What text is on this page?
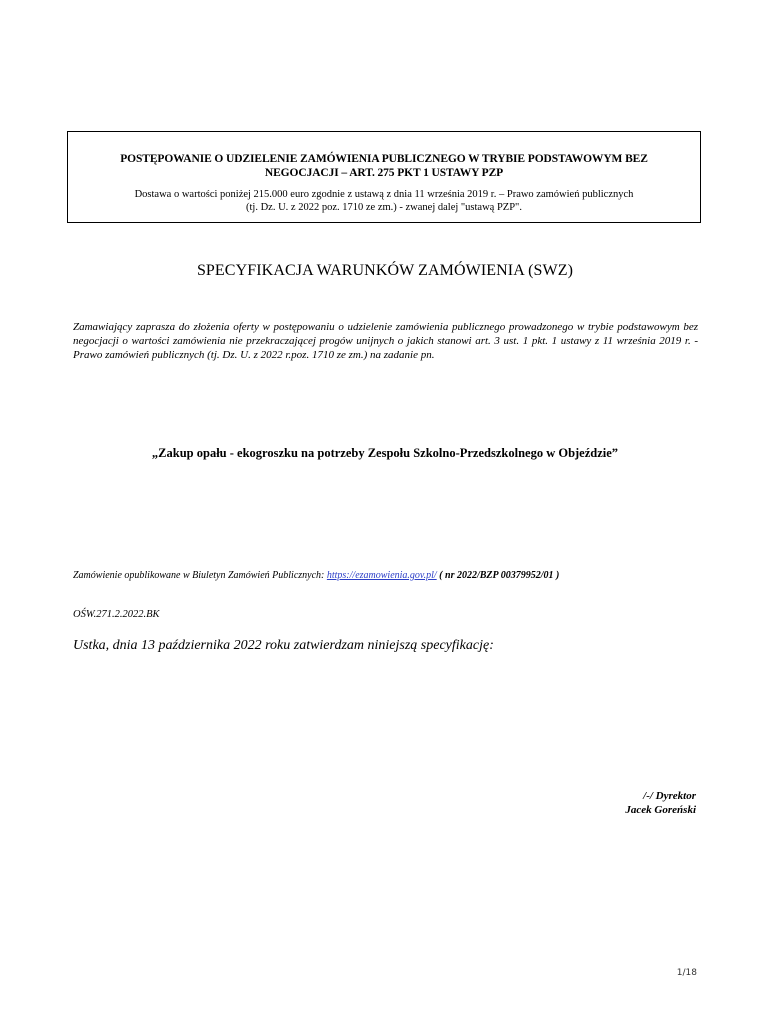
POSTĘPOWANIE O UDZIELENIE ZAMÓWIENIA PUBLICZNEGO W TRYBIE PODSTAWOWYM BEZ
NEGOCJACJI – ART. 275 PKT 1 USTAWY PZP
Dostawa o wartości poniżej 215.000 euro zgodnie z ustawą z dnia 11 września 2019 r. – Prawo zamówień publicznych
(tj. Dz. U. z 2022 poz. 1710 ze zm.) - zwanej dalej "ustawą PZP".
SPECYFIKACJA WARUNKÓW ZAMÓWIENIA (SWZ)
Zamawiający zaprasza do złożenia oferty w postępowaniu o udzielenie zamówienia publicznego prowadzonego w trybie podstawowym bez negocjacji o wartości zamówienia nie przekraczającej progów unijnych o jakich stanowi art. 3 ust. 1 pkt. 1 ustawy z 11 września 2019 r. - Prawo zamówień publicznych (tj. Dz. U. z 2022 r.poz. 1710 ze zm.) na zadanie pn.
„Zakup opału - ekogroszku na potrzeby Zespołu Szkolno-Przedszkolnego w Objeździe”
Zamówienie opublikowane w Biuletyn Zamówień Publicznych: https://ezamowienia.gov.pl/ ( nr 2022/BZP 00379952/01 )
OŚW.271.2.2022.BK
Ustka, dnia 13 października 2022 roku zatwierdzam niniejszą specyfikację:
/-/ Dyrektor
Jacek Goreński
1/18
